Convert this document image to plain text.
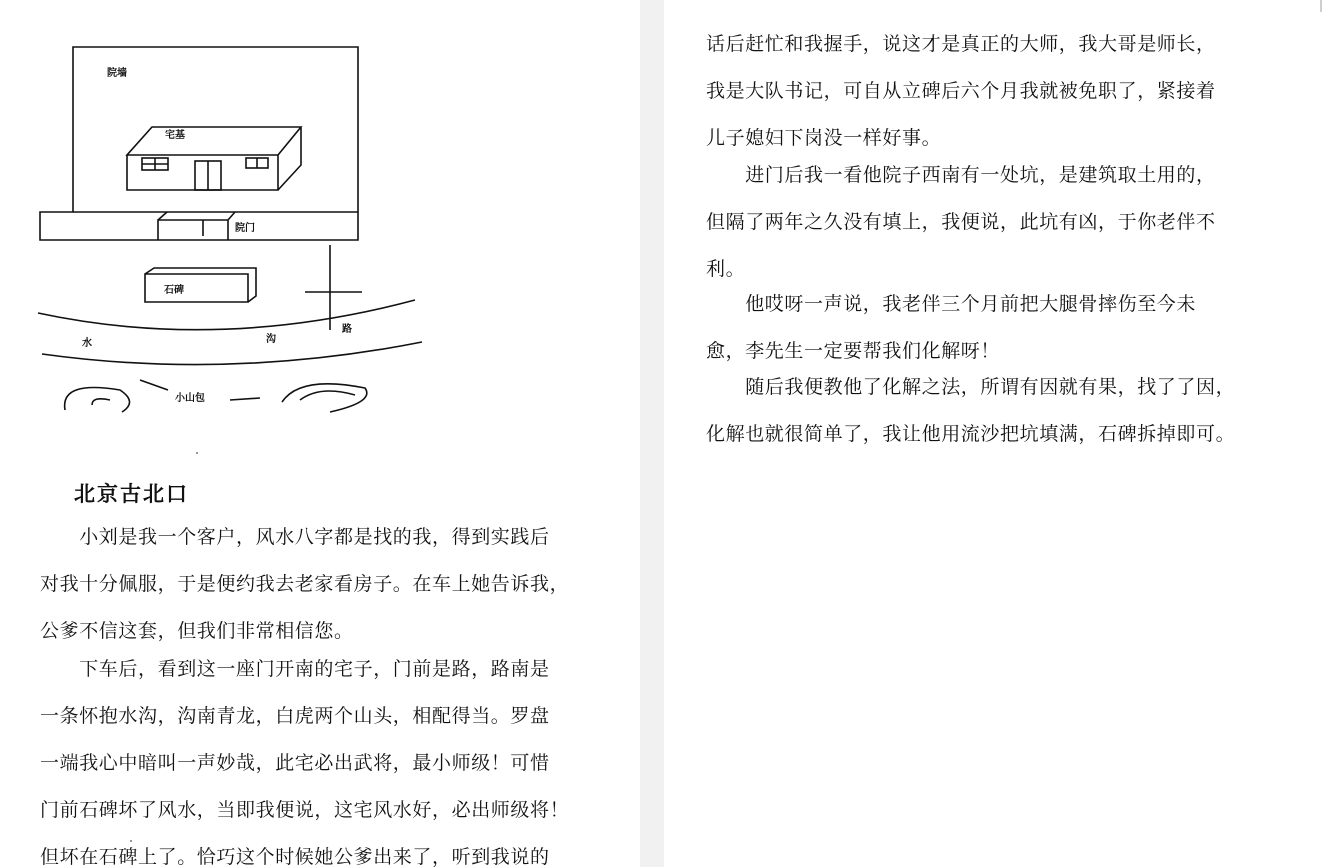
院墙
宅基
院门
石碑
水	沟
路
小山包
北京古北口

　　小刘是我一个客户，风水八字都是找的我，得到实践后
对我十分佩服，于是便约我去老家看房子。在车上她告诉我，
公爹不信这套，但我们非常相信您。

　　下车后，看到这一座门开南的宅子，门前是路，路南是
一条怀抱水沟，沟南青龙，白虎两个山头，相配得当。罗盘
一端我心中暗叫一声妙哉，此宅必出武将，最小师级！可惜
门前石碑坏了风水，当即我便说，这宅风水好，必出师级将！
但坏在石碑上了。恰巧这个时候她公爹出来了，听到我说的

话后赶忙和我握手，说这才是真正的大师，我大哥是师长，
我是大队书记，可自从立碑后六个月我就被免职了，紧接着
儿子媳妇下岗没一样好事。

　　进门后我一看他院子西南有一处坑，是建筑取土用的，
但隔了两年之久没有填上，我便说，此坑有凶，于你老伴不
利。

　　他哎呀一声说，我老伴三个月前把大腿骨摔伤至今未
愈，李先生一定要帮我们化解呀！

　　随后我便教他了化解之法，所谓有因就有果，找了了因，
化解也就很简单了，我让他用流沙把坑填满，石碑拆掉即可。
